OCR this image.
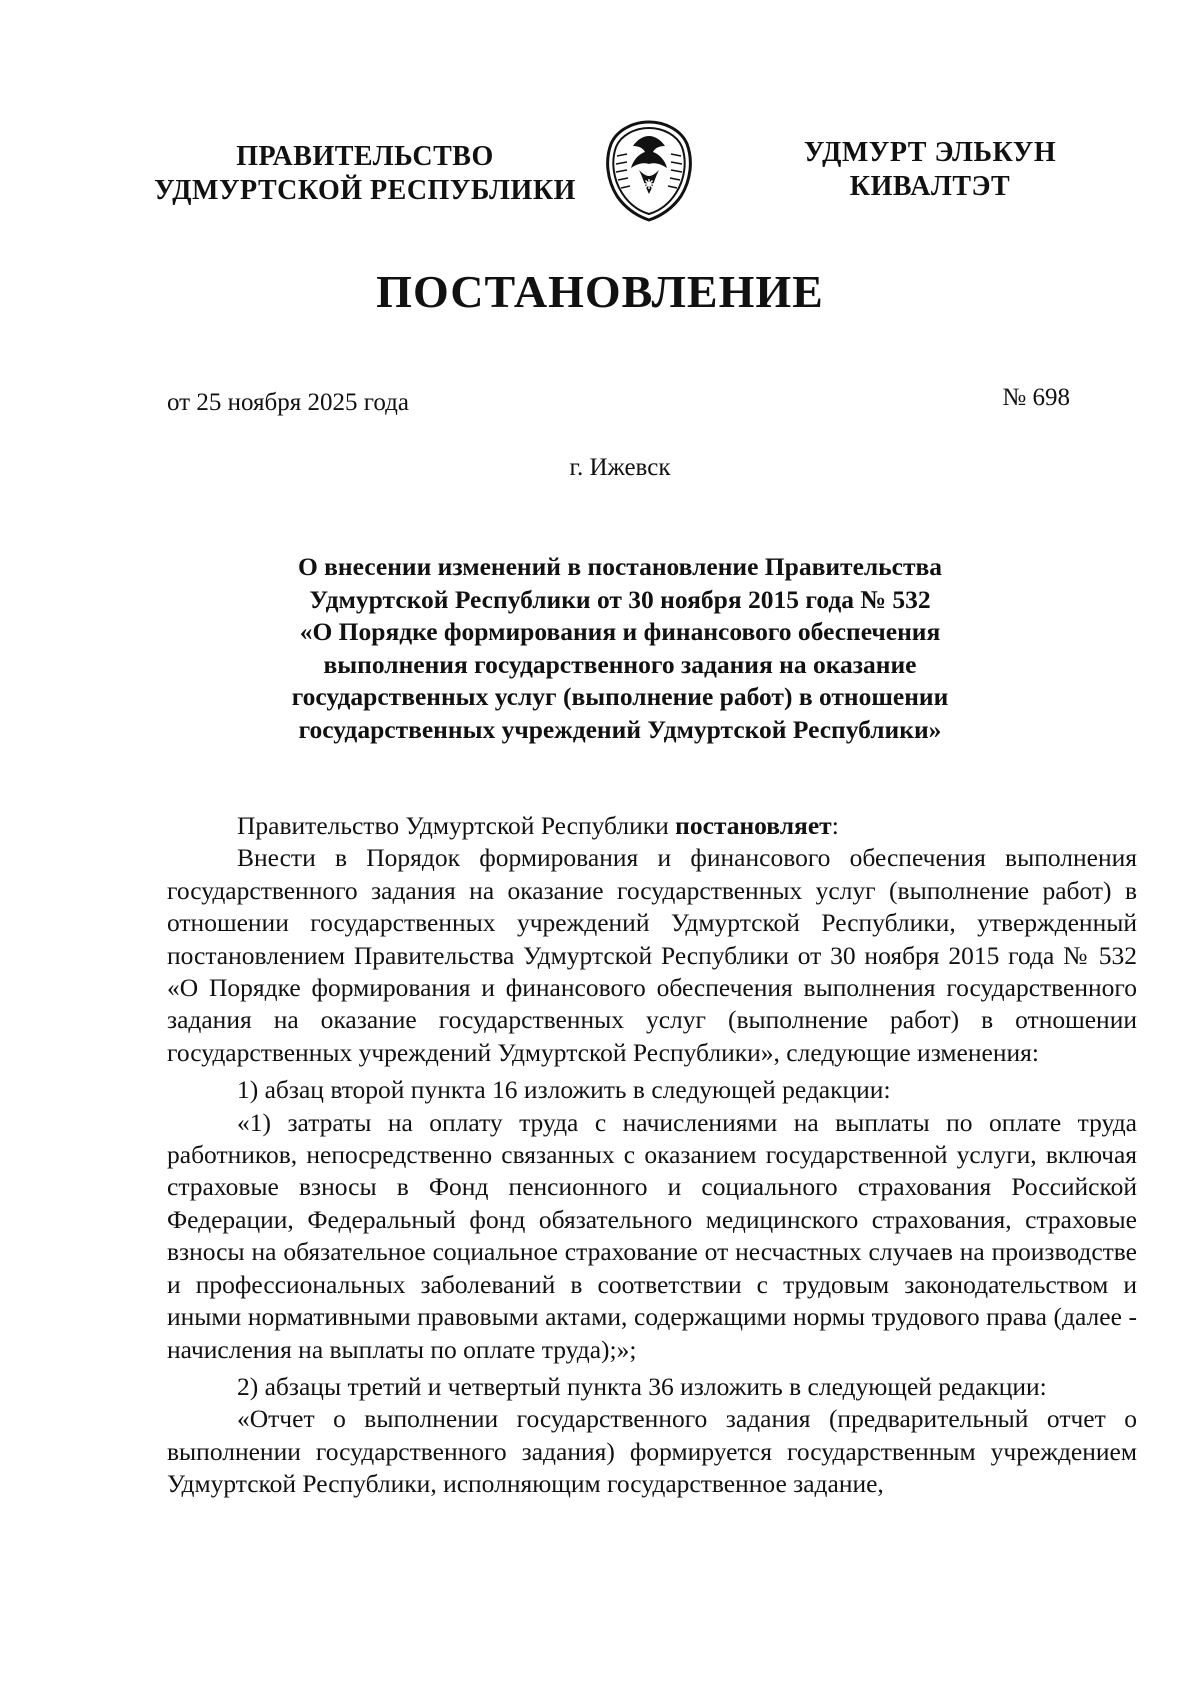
ПРАВИТЕЛЬСТВО
УДМУРТСКОЙ РЕСПУБЛИКИ
УДМУРТ ЭЛЬКУН
КИВАЛТЭТ
ПОСТАНОВЛЕНИЕ
от 25 ноября 2025 года	№ 698
г. Ижевск
О внесении изменений в постановление Правительства
Удмуртской Республики от 30 ноября 2015 года № 532
«О Порядке формирования и финансового обеспечения
выполнения государственного задания на оказание
государственных услуг (выполнение работ) в отношении
государственных учреждений Удмуртской Республики»

Правительство Удмуртской Республики постановляет:

Внести в Порядок формирования и финансового обеспечения выполнения государственного задания на оказание государственных услуг (выполнение работ) в отношении государственных учреждений Удмуртской Республики, утвержденный постановлением Правительства Удмуртской Республики от 30 ноября 2015 года № 532 «О Порядке формирования и финансового обеспечения выполнения государственного задания на оказание государственных услуг (выполнение работ) в отношении государственных учреждений Удмуртской Республики», следующие изменения:

1) абзац второй пункта 16 изложить в следующей редакции:

«1) затраты на оплату труда с начислениями на выплаты по оплате труда работников, непосредственно связанных с оказанием государственной услуги, включая страховые взносы в Фонд пенсионного и социального страхования Российской Федерации, Федеральный фонд обязательного медицинского страхования, страховые взносы на обязательное социальное страхование от несчастных случаев на производстве и профессиональных заболеваний в соответствии с трудовым законодательством и иными нормативными правовыми актами, содержащими нормы трудового права (далее - начисления на выплаты по оплате труда);»;

2) абзацы третий и четвертый пункта 36 изложить в следующей редакции:

«Отчет о выполнении государственного задания (предварительный отчет о выполнении государственного задания) формируется государственным учреждением Удмуртской Республики, исполняющим государственное задание,
